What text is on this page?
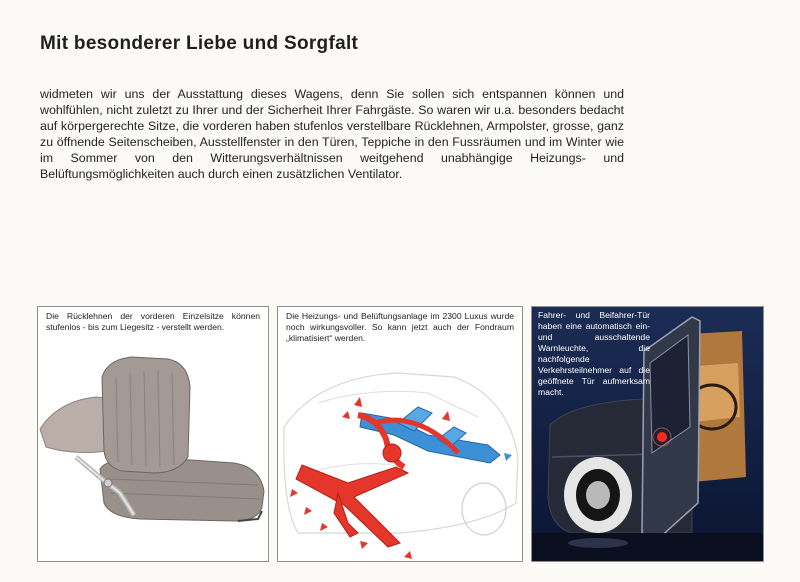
Mit besonderer Liebe und Sorgfalt

widmeten wir uns der Ausstattung dieses Wagens, denn Sie sollen sich entspannen können und wohlfühlen, nicht zuletzt zu Ihrer und der Sicherheit Ihrer Fahrgäste. So waren wir u.a. besonders bedacht auf körpergerechte Sitze, die vorderen haben stufenlos verstellbare Rücklehnen, Armpolster, grosse, ganz zu öffnende Seitenscheiben, Ausstellfenster in den Türen, Teppiche in den Fussräumen und im Winter wie im Sommer von den Witterungsverhältnissen weitgehend unabhängige Heizungs- und Belüftungsmöglichkeiten auch durch einen zusätzlichen Ventilator.

Die Rücklehnen der vorderen Einzelsitze können stufenlos - bis zum Liegesitz - verstellt werden.

Die Heizungs- und Belüftungsanlage im 2300 Luxus wurde noch wirkungsvoller. So kann jetzt auch der Fondraum „klimatisiert“ werden.

Fahrer- und Beifahrer-Tür haben eine automatisch ein- und ausschaltende Warnleuchte, die nachfolgende Verkehrsteilnehmer auf die geöffnete Tür aufmerksam macht.
